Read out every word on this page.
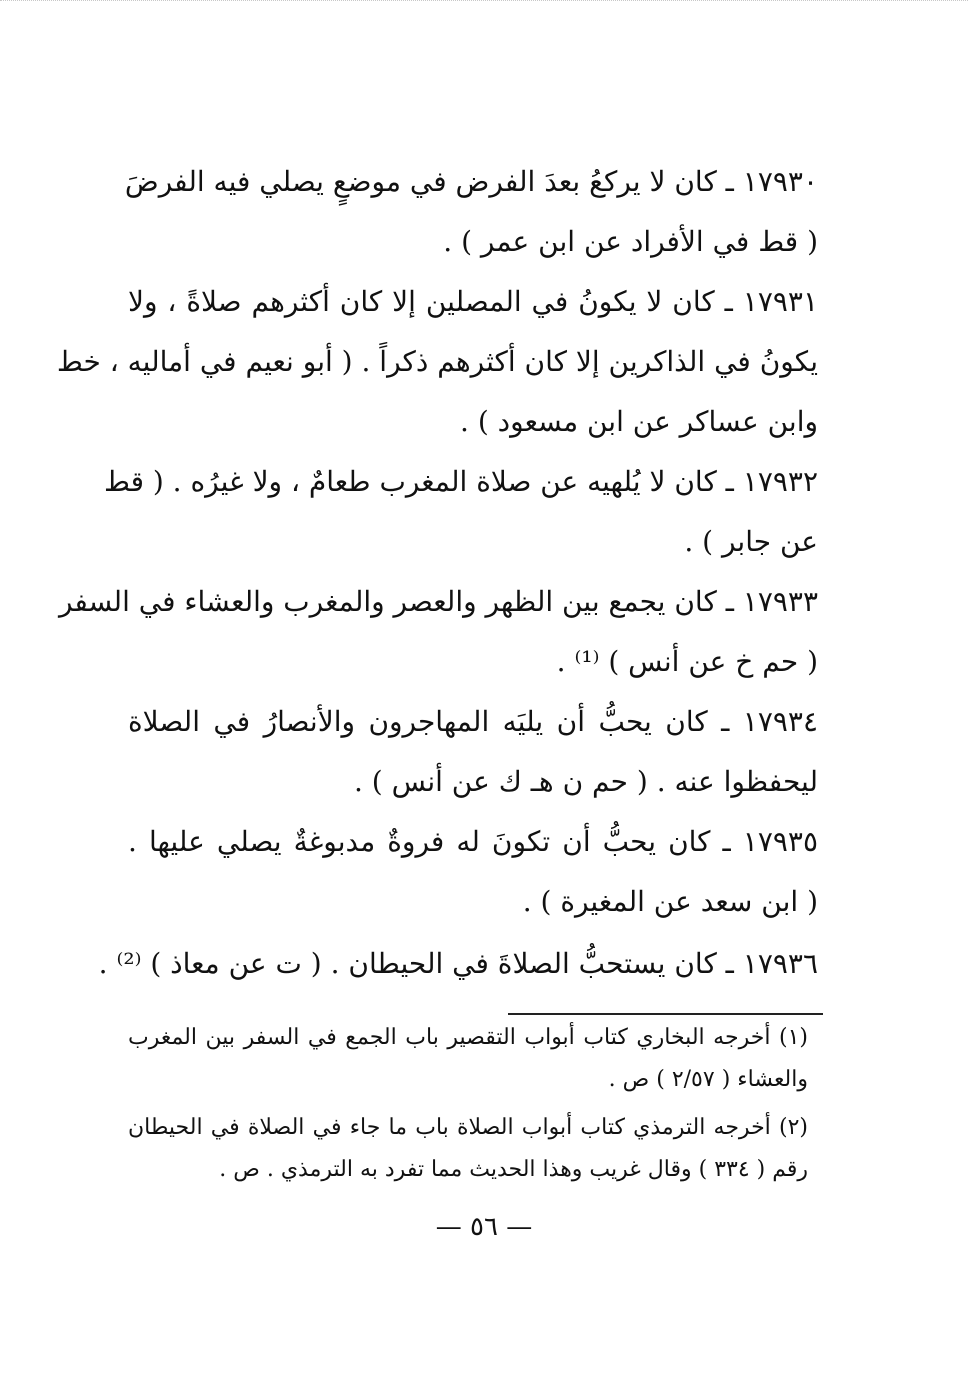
١٧٩٣٠ ـ كان لا يركعُ بعدَ الفرض في موضعٍ يصلي فيه الفرضَ
( قط في الأفراد عن ابن عمر ) .
١٧٩٣١ ـ كان لا يكونُ في المصلين إلا كان أكثرهم صلاةً ، ولا
يكونُ في الذاكرين إلا كان أكثرهم ذكراً . ( أبو نعيم في أماليه ، خط
وابن عساكر عن ابن مسعود ) .
١٧٩٣٢ ـ كان لا يُلهيه عن صلاة المغرب طعامٌ ، ولا غيرُه . ( قط
عن جابر ) .
١٧٩٣٣ ـ كان يجمع بين الظهر والعصر والمغرب والعشاء في السفر
( حم خ عن أنس ) ⁽¹⁾ .
١٧٩٣٤ ـ كان يحبُّ أن يليَه المهاجرون والأنصارُ في الصلاة
ليحفظوا عنه . ( حم ن هـ ك عن أنس ) .
١٧٩٣٥ ـ كان يحبُّ أن تكونَ له فروةٌ مدبوغةٌ يصلي عليها .
( ابن سعد عن المغيرة ) .
١٧٩٣٦ ـ كان يستحبُّ الصلاةَ في الحيطان . ( ت عن معاذ ) ⁽²⁾ .
(١) أخرجه البخاري كتاب أبواب التقصير باب الجمع في السفر بين المغرب
والعشاء ( ٢/٥٧ ) ص .
(٢) أخرجه الترمذي كتاب أبواب الصلاة باب ما جاء في الصلاة في الحيطان
رقم ( ٣٣٤ ) وقال غريب وهذا الحديث مما تفرد به الترمذي . ص .
— ٥٦ —
